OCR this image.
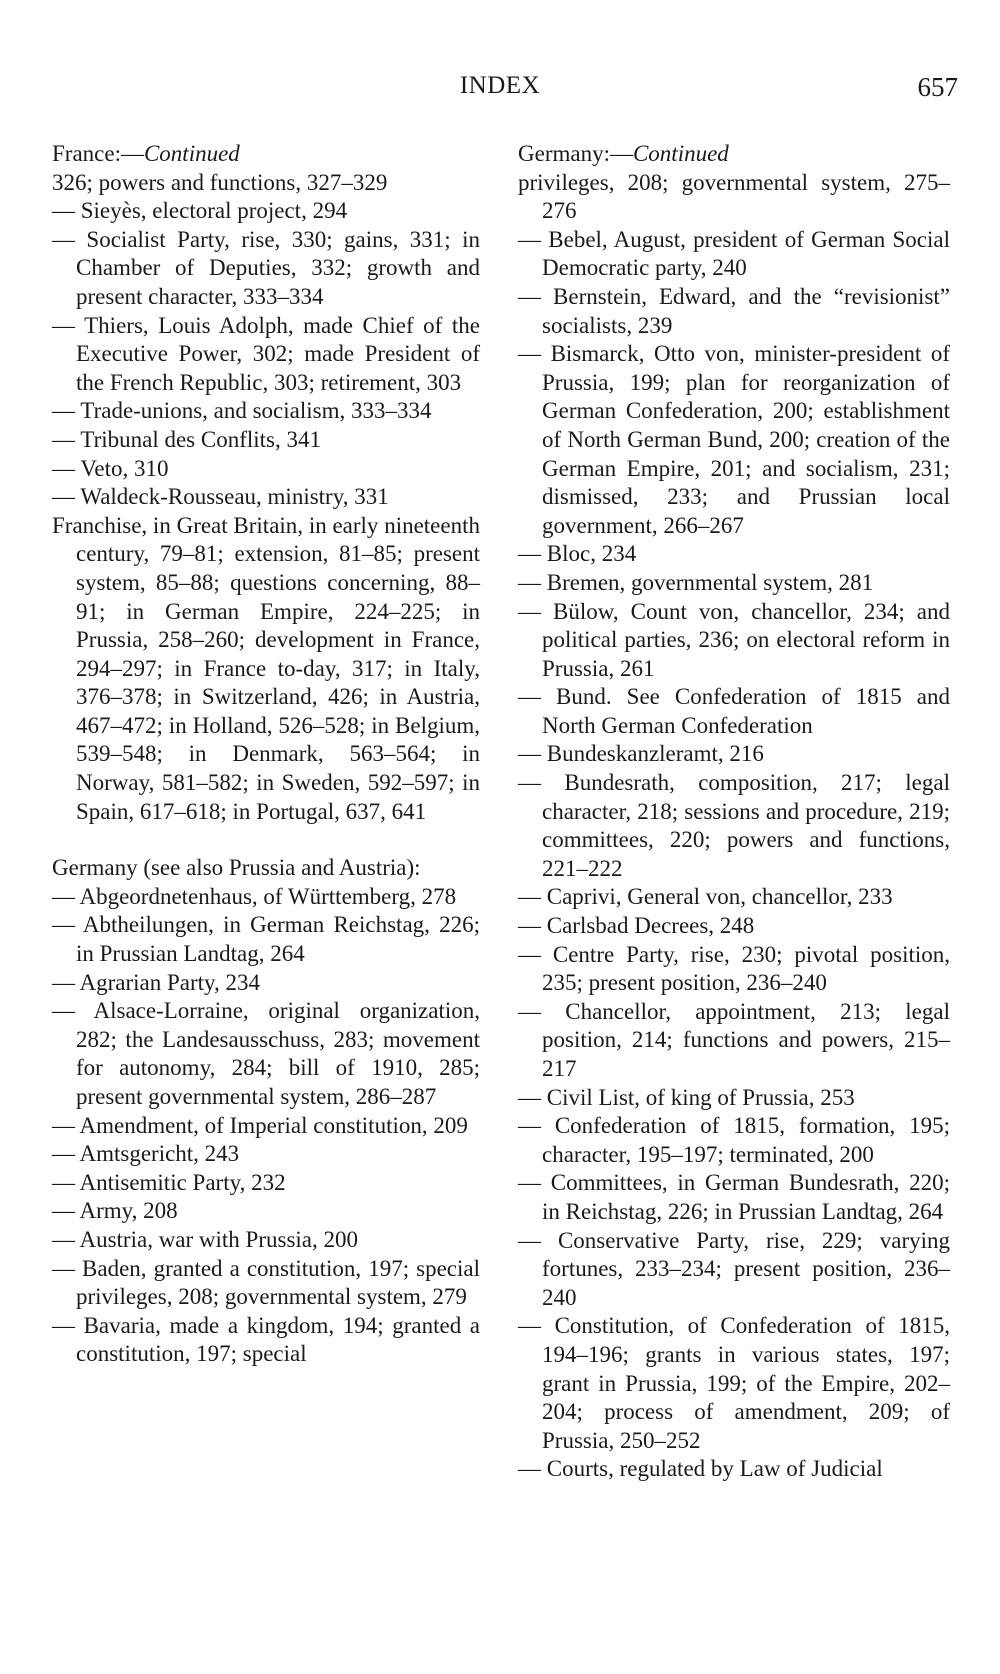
INDEX	657

France:—Continued

326; powers and functions, 327–329

— Sieyès, electoral project, 294

— Socialist Party, rise, 330; gains, 331; in Chamber of Deputies, 332; growth and present character, 333–334

— Thiers, Louis Adolph, made Chief of the Executive Power, 302; made President of the French Republic, 303; retirement, 303

— Trade-unions, and socialism, 333–334

— Tribunal des Conflits, 341

— Veto, 310

— Waldeck-Rousseau, ministry, 331

Franchise, in Great Britain, in early nineteenth century, 79–81; extension, 81–85; present system, 85–88; questions concerning, 88–91; in German Empire, 224–225; in Prussia, 258–260; development in France, 294–297; in France to-day, 317; in Italy, 376–378; in Switzerland, 426; in Austria, 467–472; in Holland, 526–528; in Belgium, 539–548; in Denmark, 563–564; in Norway, 581–582; in Sweden, 592–597; in Spain, 617–618; in Portugal, 637, 641

Germany (see also Prussia and Austria):

— Abgeordnetenhaus, of Württemberg, 278

— Abtheilungen, in German Reichstag, 226; in Prussian Landtag, 264

— Agrarian Party, 234

— Alsace-Lorraine, original organization, 282; the Landesausschuss, 283; movement for autonomy, 284; bill of 1910, 285; present governmental system, 286–287

— Amendment, of Imperial constitution, 209

— Amtsgericht, 243

— Antisemitic Party, 232

— Army, 208

— Austria, war with Prussia, 200

— Baden, granted a constitution, 197; special privileges, 208; governmental system, 279

— Bavaria, made a kingdom, 194; granted a constitution, 197; special

Germany:—Continued

privileges, 208; governmental system, 275–276

— Bebel, August, president of German Social Democratic party, 240

— Bernstein, Edward, and the “revisionist” socialists, 239

— Bismarck, Otto von, minister-president of Prussia, 199; plan for reorganization of German Confederation, 200; establishment of North German Bund, 200; creation of the German Empire, 201; and socialism, 231; dismissed, 233; and Prussian local government, 266–267

— Bloc, 234

— Bremen, governmental system, 281

— Bülow, Count von, chancellor, 234; and political parties, 236; on electoral reform in Prussia, 261

— Bund. See Confederation of 1815 and North German Confederation

— Bundeskanzleramt, 216

— Bundesrath, composition, 217; legal character, 218; sessions and procedure, 219; committees, 220; powers and functions, 221–222

— Caprivi, General von, chancellor, 233

— Carlsbad Decrees, 248

— Centre Party, rise, 230; pivotal position, 235; present position, 236–240

— Chancellor, appointment, 213; legal position, 214; functions and powers, 215–217

— Civil List, of king of Prussia, 253

— Confederation of 1815, formation, 195; character, 195–197; terminated, 200

— Committees, in German Bundesrath, 220; in Reichstag, 226; in Prussian Landtag, 264

— Conservative Party, rise, 229; varying fortunes, 233–234; present position, 236–240

— Constitution, of Confederation of 1815, 194–196; grants in various states, 197; grant in Prussia, 199; of the Empire, 202–204; process of amendment, 209; of Prussia, 250–252

— Courts, regulated by Law of Judicial
